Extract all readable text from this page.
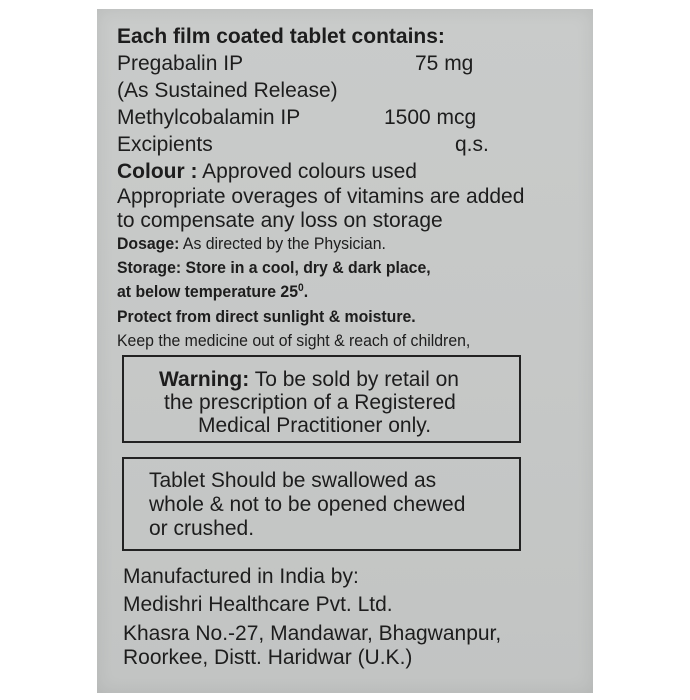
Each film coated tablet contains:
Pregabalin IP	75 mg
(As Sustained Release)
Methylcobalamin IP	1500 mcg
Excipients	q.s.
Colour : Approved colours used
Appropriate overages of vitamins are added
to compensate any loss on storage
Dosage: As directed by the Physician.
Storage: Store in a cool, dry & dark place,
at below temperature $25^0$.
Protect from direct sunlight & moisture.
Keep the medicine out of sight & reach of children,
Warning: To be sold by retail on
the prescription of a Registered
Medical Practitioner only.
Tablet Should be swallowed as
whole & not to be opened chewed
or crushed.
Manufactured in India by:
Medishri Healthcare Pvt. Ltd.
Khasra No.-27, Mandawar, Bhagwanpur,
Roorkee, Distt. Haridwar (U.K.)
